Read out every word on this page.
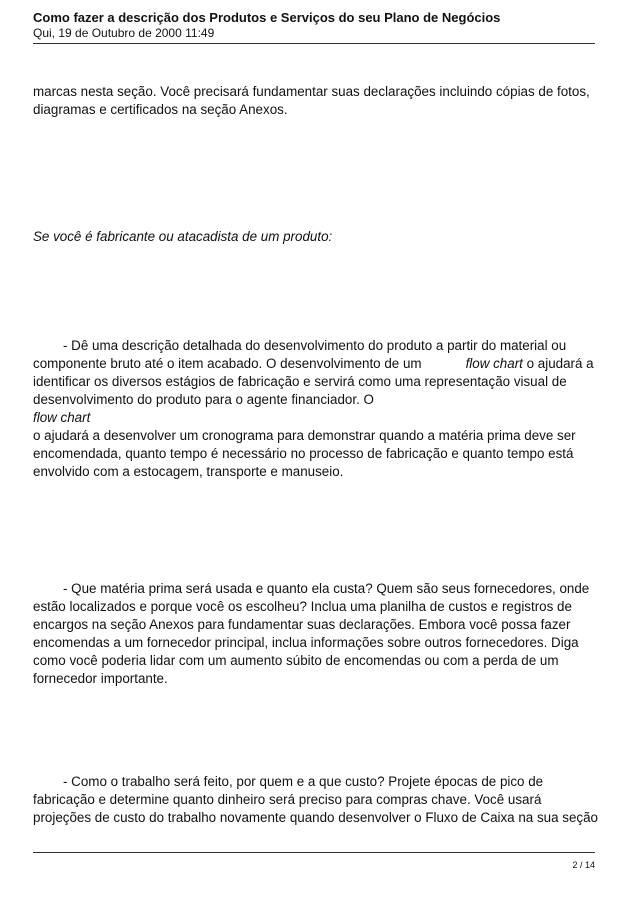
Como fazer a descrição dos Produtos e Serviços do seu Plano de Negócios
Qui, 19 de Outubro de 2000 11:49

marcas nesta seção. Você precisará fundamentar suas declarações incluindo cópias de fotos,
diagramas e certificados na seção Anexos.

Se você é fabricante ou atacadista de um produto:

- Dê uma descrição detalhada do desenvolvimento do produto a partir do material ou
componente bruto até o item acabado. O desenvolvimento de um	flow chart o ajudará a
identificar os diversos estágios de fabricação e servirá como uma representação visual de
desenvolvimento do produto para o agente financiador. O
flow chart
o ajudará a desenvolver um cronograma para demonstrar quando a matéria prima deve ser
encomendada, quanto tempo é necessário no processo de fabricação e quanto tempo está
envolvido com a estocagem, transporte e manuseio.

- Que matéria prima será usada e quanto ela custa? Quem são seus fornecedores, onde
estão localizados e porque você os escolheu? Inclua uma planilha de custos e registros de
encargos na seção Anexos para fundamentar suas declarações. Embora você possa fazer
encomendas a um fornecedor principal, inclua informações sobre outros fornecedores. Diga
como você poderia lidar com um aumento súbito de encomendas ou com a perda de um
fornecedor importante.

- Como o trabalho será feito, por quem e a que custo? Projete épocas de pico de
fabricação e determine quanto dinheiro será preciso para compras chave. Você usará
projeções de custo do trabalho novamente quando desenvolver o Fluxo de Caixa na sua seção

2 / 14
